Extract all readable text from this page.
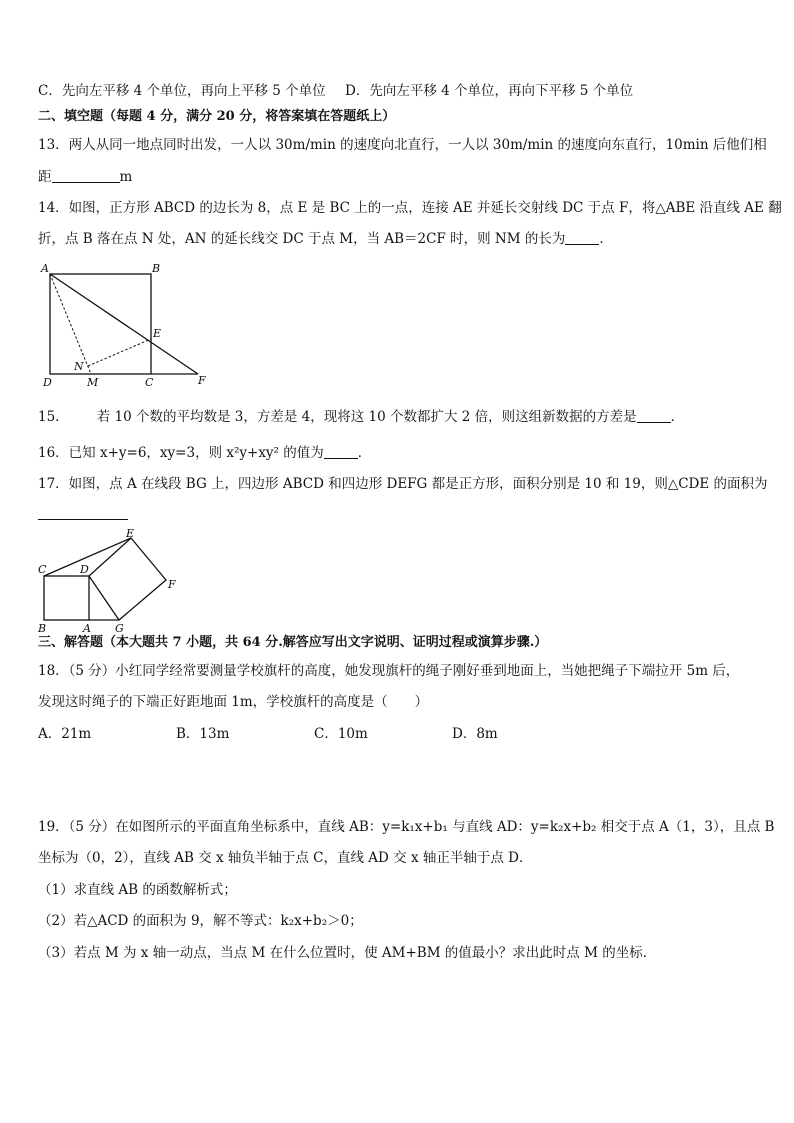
C．先向左平移 4 个单位，再向上平移 5 个单位 D．先向左平移 4 个单位，再向下平移 5 个单位
二、填空题（每题 4 分，满分 20 分，将答案填在答题纸上）
13．两人从同一地点同时出发，一人以 30m/min 的速度向北直行，一人以 30m/min 的速度向东直行，10min 后他们相
距	m
14．如图，正方形 ABCD 的边长为 8，点 E 是 BC 上的一点，连接 AE 并延长交射线 DC 于点 F，将△ABE 沿直线 AE 翻
折，点 B 落在点 N 处，AN 的延长线交 DC 于点 M，当 AB＝2CF 时，则 NM 的长为	．
A	B
E
N
D	M	C	F
15． 若 10 个数的平均数是 3，方差是 4，现将这 10 个数都扩大 2 倍，则这组新数据的方差是	．
16．已知 x+y=6，xy=3，则 x²y+xy² 的值为	．
17．如图，点 A 在线段 BG 上，四边形 ABCD 和四边形 DEFG 都是正方形，面积分别是 10 和 19，则△CDE 的面积为
C	D
E
F
B	A G
三、解答题（本大题共 7 小题，共 64 分.解答应写出文字说明、证明过程或演算步骤.）
18．（5 分）小红同学经常要测量学校旗杆的高度，她发现旗杆的绳子刚好垂到地面上，当她把绳子下端拉开 5m 后，
发现这时绳子的下端正好距地面 1m，学校旗杆的高度是（　　）
A．21m	B．13m	C．10m	D．8m
19．（5 分）在如图所示的平面直角坐标系中，直线 AB：y=k₁x+b₁ 与直线 AD：y=k₂x+b₂ 相交于点 A（1，3），且点 B
坐标为（0，2），直线 AB 交 x 轴负半轴于点 C，直线 AD 交 x 轴正半轴于点 D．
（1）求直线 AB 的函数解析式；
（2）若△ACD 的面积为 9，解不等式：k₂x+b₂＞0；
（3）若点 M 为 x 轴一动点，当点 M 在什么位置时，使 AM+BM 的值最小？求出此时点 M 的坐标．
